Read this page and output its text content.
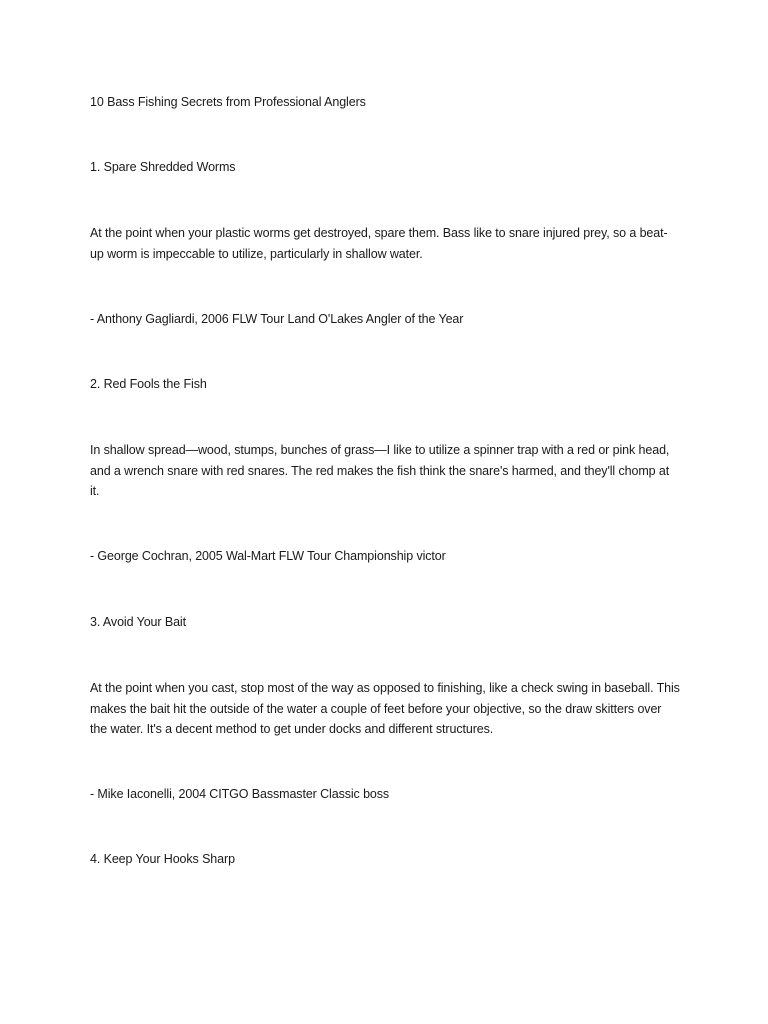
10 Bass Fishing Secrets from Professional Anglers

1. Spare Shredded Worms

At the point when your plastic worms get destroyed, spare them. Bass like to snare injured prey, so a beat-up worm is impeccable to utilize, particularly in shallow water.

- Anthony Gagliardi, 2006 FLW Tour Land O'Lakes Angler of the Year

2. Red Fools the Fish

In shallow spread—wood, stumps, bunches of grass—I like to utilize a spinner trap with a red or pink head, and a wrench snare with red snares. The red makes the fish think the snare's harmed, and they'll chomp at it.

- George Cochran, 2005 Wal-Mart FLW Tour Championship victor

3. Avoid Your Bait

At the point when you cast, stop most of the way as opposed to finishing, like a check swing in baseball. This makes the bait hit the outside of the water a couple of feet before your objective, so the draw skitters over the water. It's a decent method to get under docks and different structures.

- Mike Iaconelli, 2004 CITGO Bassmaster Classic boss

4. Keep Your Hooks Sharp
